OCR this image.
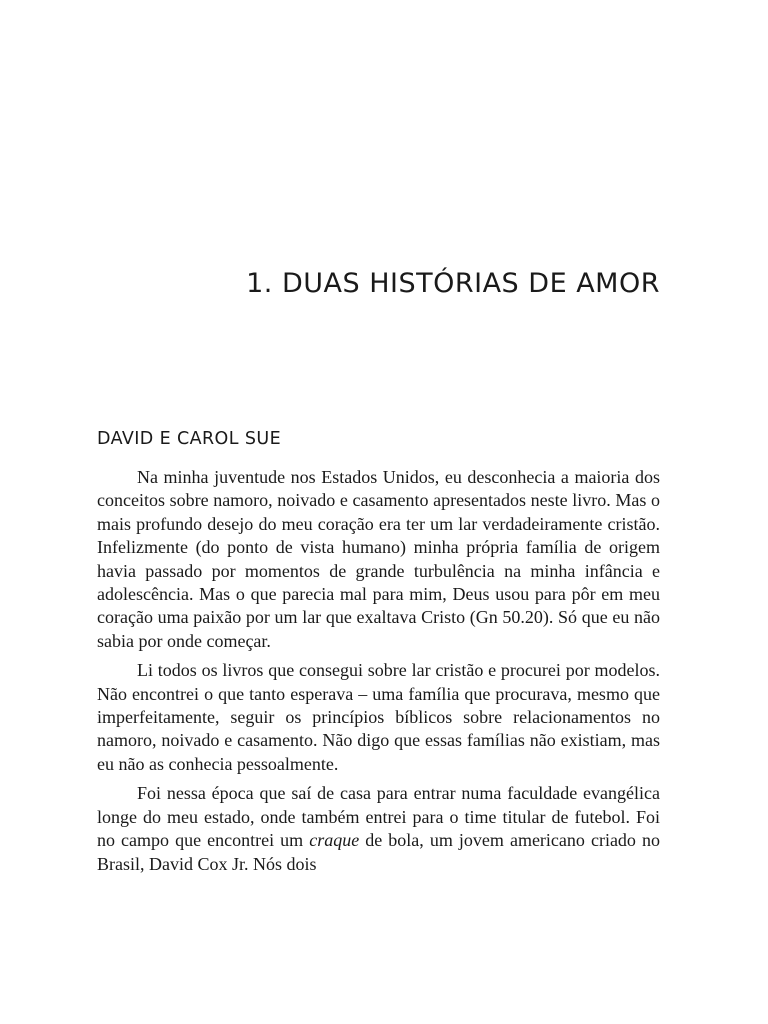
1. DUAS HISTÓRIAS DE AMOR
DAVID E CAROL SUE

Na minha juventude nos Estados Unidos, eu desconhecia a maioria dos conceitos sobre namoro, noivado e casamento apresentados neste livro. Mas o mais profundo desejo do meu coração era ter um lar verdadeiramente cristão. Infelizmente (do ponto de vista humano) minha própria família de origem havia passado por momentos de grande turbulência na minha infância e adolescência. Mas o que parecia mal para mim, Deus usou para pôr em meu coração uma paixão por um lar que exaltava Cristo (Gn 50.20). Só que eu não sabia por onde começar.

Li todos os livros que consegui sobre lar cristão e procurei por modelos. Não encontrei o que tanto esperava – uma família que procurava, mesmo que imperfeitamente, seguir os princípios bíblicos sobre relacionamentos no namoro, noivado e casamento. Não digo que essas famílias não existiam, mas eu não as conhecia pessoalmente.

Foi nessa época que saí de casa para entrar numa faculdade evangélica longe do meu estado, onde também entrei para o time titular de futebol. Foi no campo que encontrei um craque de bola, um jovem americano criado no Brasil, David Cox Jr. Nós dois
